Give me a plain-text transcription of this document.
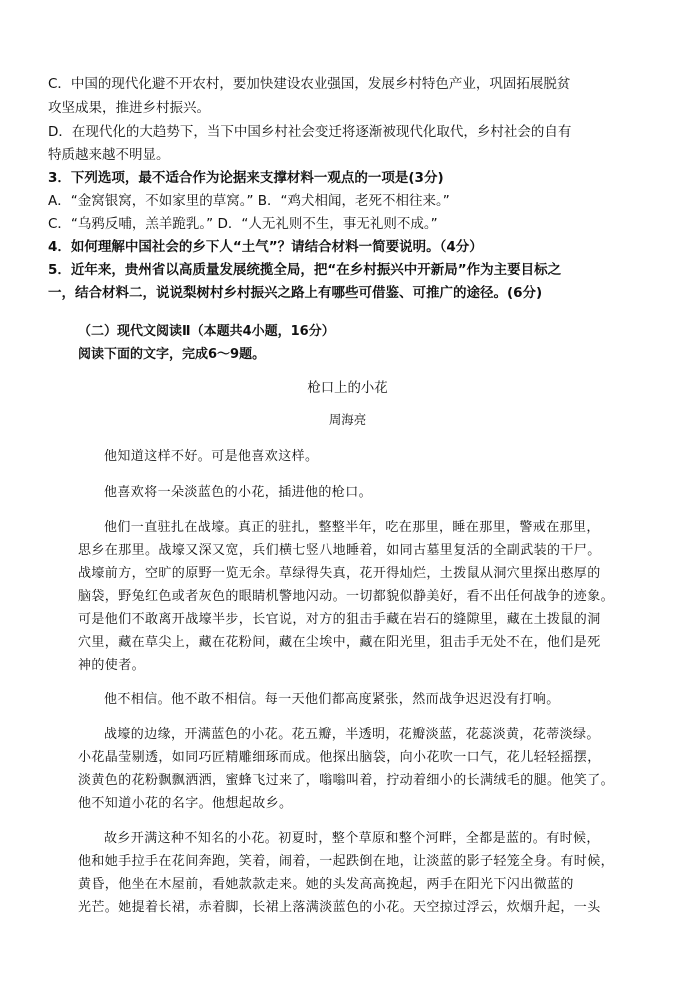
C．中国的现代化避不开农村，要加快建设农业强国，发展乡村特色产业，巩固拓展脱贫
攻坚成果，推进乡村振兴。
D．在现代化的大趋势下，当下中国乡村社会变迁将逐渐被现代化取代，乡村社会的自有
特质越来越不明显。
3．下列选项，最不适合作为论据来支撑材料一观点的一项是(3分)
A．“金窝银窝，不如家里的草窝。” B．“鸡犬相闻，老死不相往来。”
C．“乌鸦反哺，羔羊跪乳。” D．“人无礼则不生，事无礼则不成。”
4．如何理解中国社会的乡下人“土气”？请结合材料一简要说明。（4分）
5．近年来，贵州省以高质量发展统揽全局，把“在乡村振兴中开新局”作为主要目标之
一，结合材料二，说说梨树村乡村振兴之路上有哪些可借鉴、可推广的途径。(6分)
（二）现代文阅读Ⅱ（本题共4小题，16分）
阅读下面的文字，完成6～9题。
枪口上的小花
周海亮
他知道这样不好。可是他喜欢这样。
他喜欢将一朵淡蓝色的小花，插进他的枪口。
他们一直驻扎在战壕。真正的驻扎，整整半年，吃在那里，睡在那里，警戒在那里，
思乡在那里。战壕又深又宽，兵们横七竖八地睡着，如同古墓里复活的全副武装的干尸。
战壕前方，空旷的原野一览无余。草绿得失真，花开得灿烂，土拨鼠从洞穴里探出憨厚的
脑袋，野兔红色或者灰色的眼睛机警地闪动。一切都貌似静美好，看不出任何战争的迹象。
可是他们不敢离开战壕半步，长官说，对方的狙击手藏在岩石的缝隙里，藏在土拨鼠的洞
穴里，藏在草尖上，藏在花粉间，藏在尘埃中，藏在阳光里，狙击手无处不在，他们是死
神的使者。
他不相信。他不敢不相信。每一天他们都高度紧张，然而战争迟迟没有打响。
战壕的边缘，开满蓝色的小花。花五瓣，半透明，花瓣淡蓝，花蕊淡黄，花蒂淡绿。
小花晶莹剔透，如同巧匠精雕细琢而成。他探出脑袋，向小花吹一口气，花儿轻轻摇摆，
淡黄色的花粉飘飘洒洒，蜜蜂飞过来了，嗡嗡叫着，拧动着细小的长满绒毛的腿。他笑了。
他不知道小花的名字。他想起故乡。
故乡开满这种不知名的小花。初夏时，整个草原和整个河畔，全都是蓝的。有时候，
他和她手拉手在花间奔跑，笑着，闹着，一起跌倒在地，让淡蓝的影子轻笼全身。有时候，
黄昏，他坐在木屋前，看她款款走来。她的头发高高挽起，两手在阳光下闪出微蓝的
光芒。她提着长裙，赤着脚，长裙上落满淡蓝色的小花。天空掠过浮云，炊烟升起，一头
